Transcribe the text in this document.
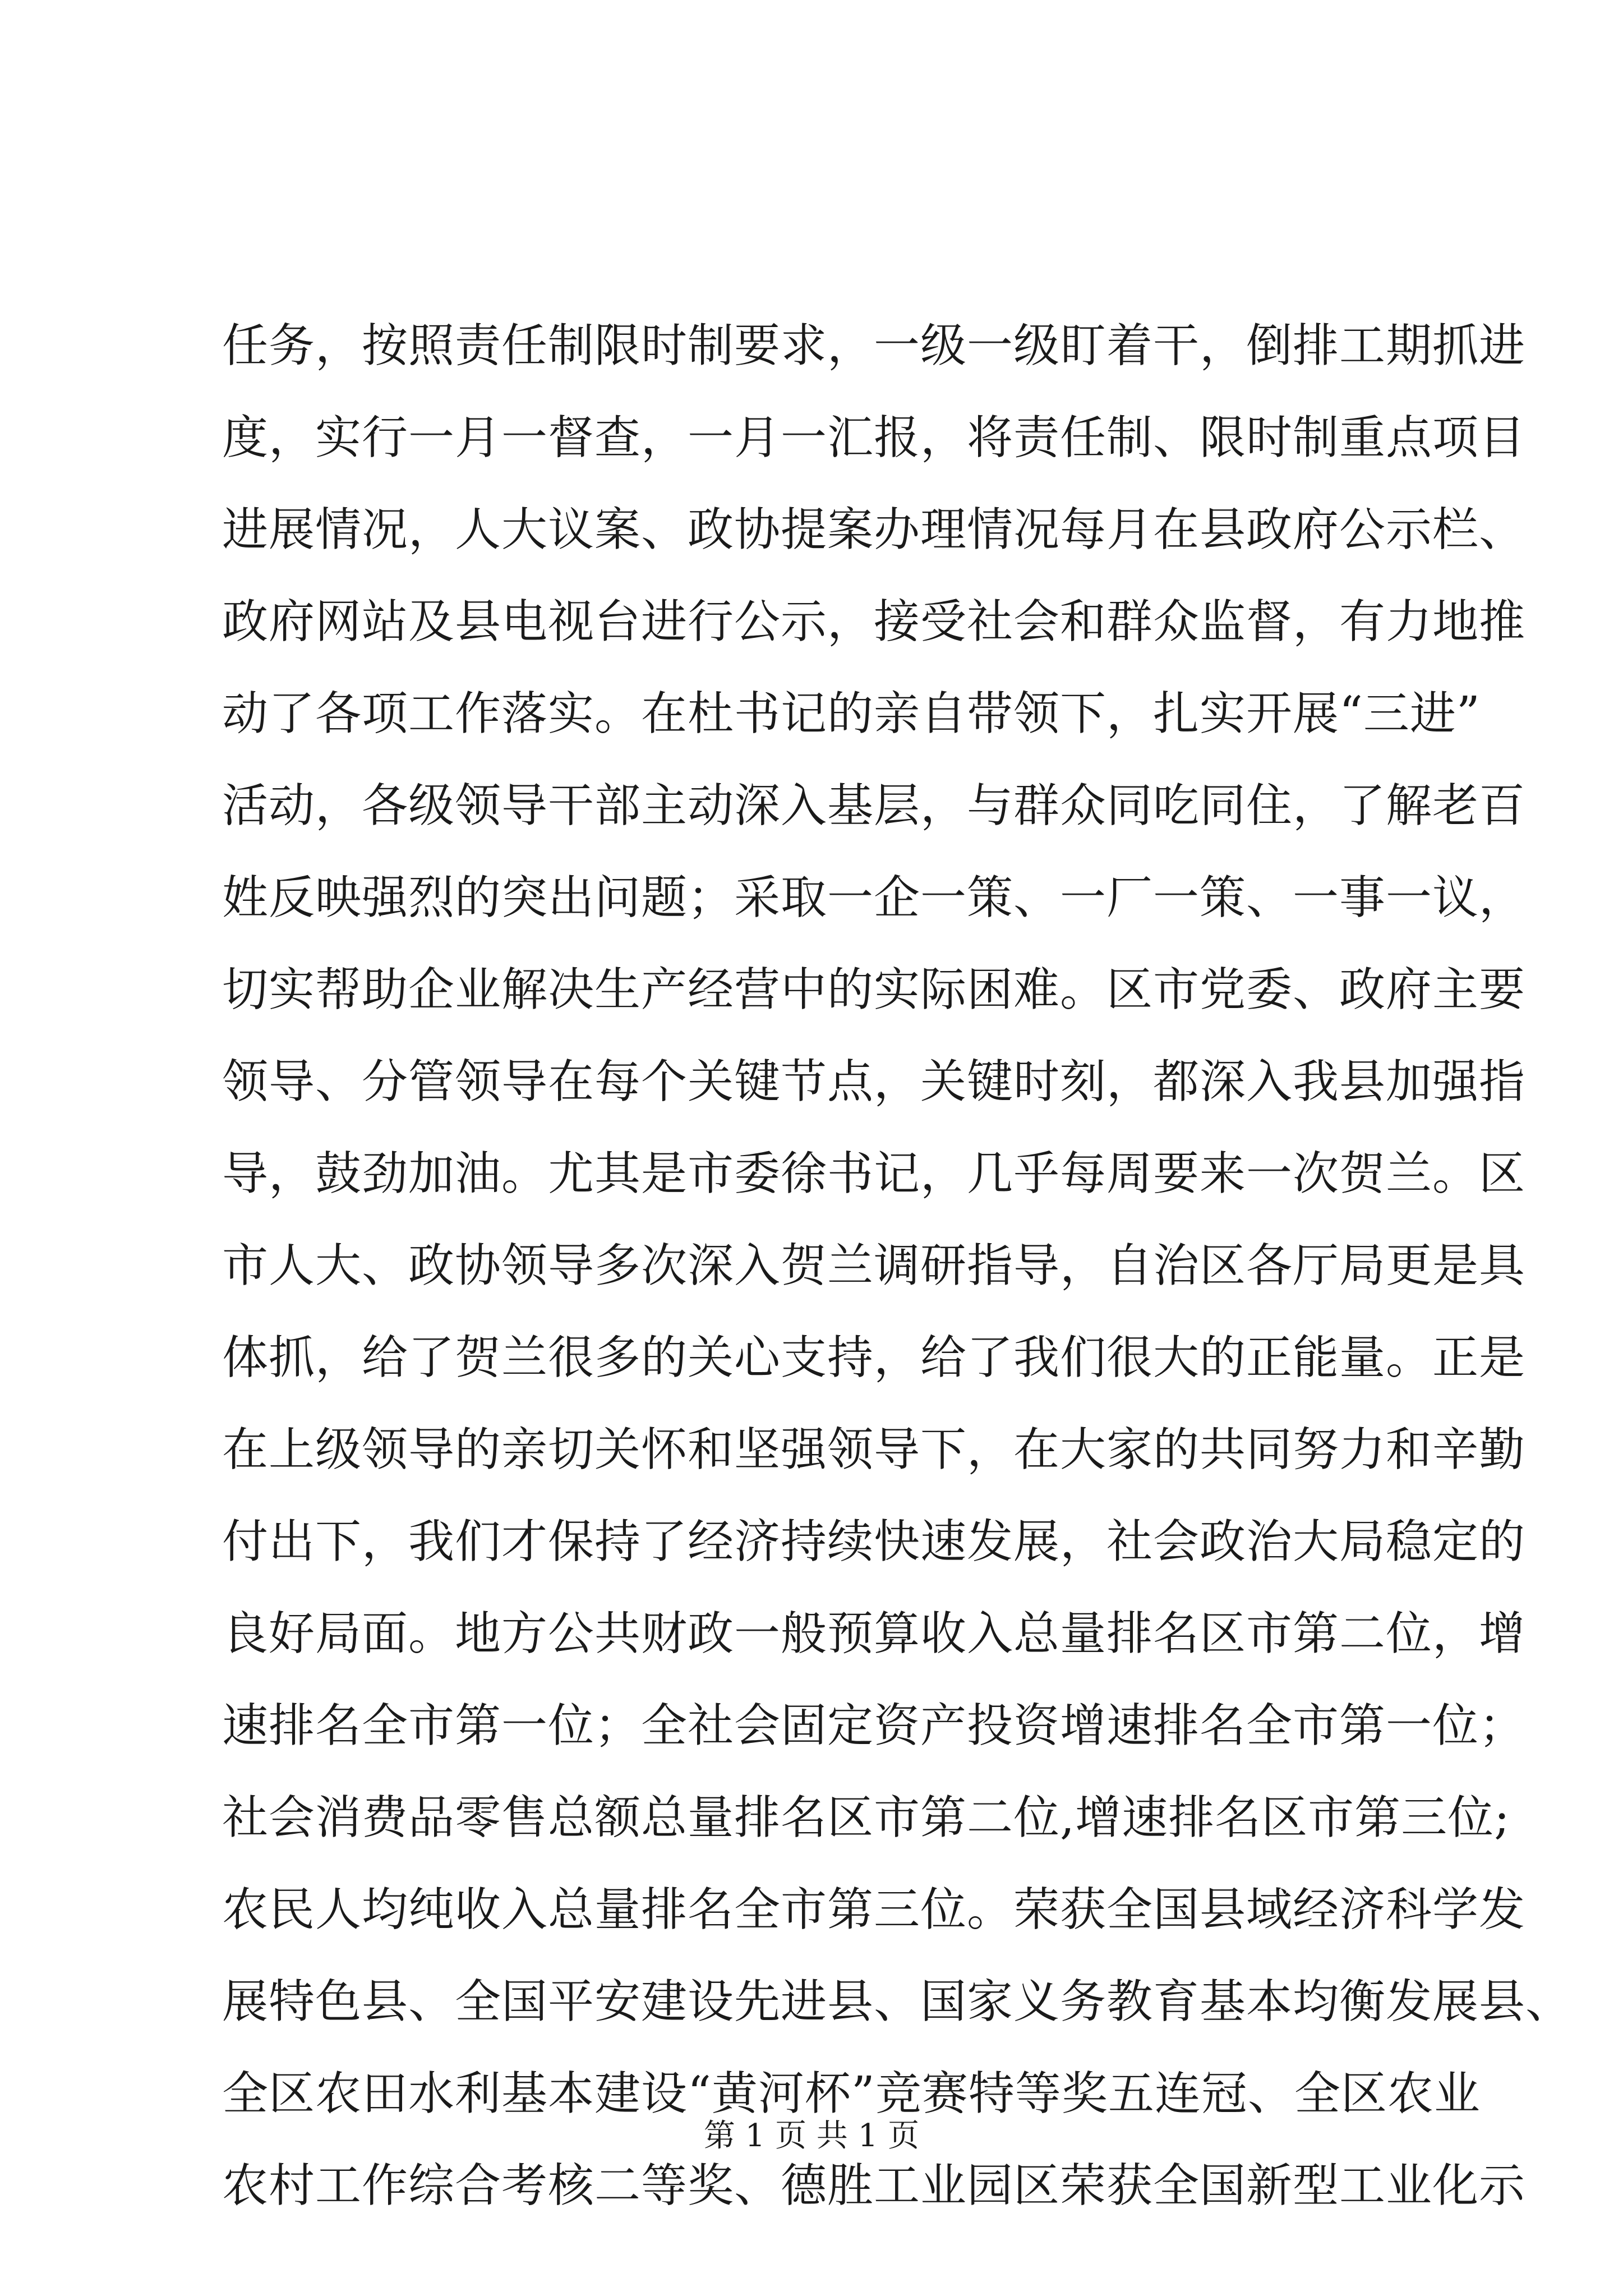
任务，按照责任制限时制要求，一级一级盯着干，倒排工期抓进
度，实行一月一督查，一月一汇报，将责任制、限时制重点项目
进展情况，人大议案、政协提案办理情况每月在县政府公示栏、
政府网站及县电视台进行公示，接受社会和群众监督，有力地推
动了各项工作落实。在杜书记的亲自带领下，扎实开展“三进”
活动，各级领导干部主动深入基层，与群众同吃同住，了解老百
姓反映强烈的突出问题；采取一企一策、一厂一策、一事一议，
切实帮助企业解决生产经营中的实际困难。区市党委、政府主要
领导、分管领导在每个关键节点，关键时刻，都深入我县加强指
导，鼓劲加油。尤其是市委徐书记，几乎每周要来一次贺兰。区
市人大、政协领导多次深入贺兰调研指导，自治区各厅局更是具
体抓，给了贺兰很多的关心支持，给了我们很大的正能量。正是
在上级领导的亲切关怀和坚强领导下，在大家的共同努力和辛勤
付出下，我们才保持了经济持续快速发展，社会政治大局稳定的
良好局面。地方公共财政一般预算收入总量排名区市第二位，增
速排名全市第一位；全社会固定资产投资增速排名全市第一位；
社会消费品零售总额总量排名区市第二位,增速排名区市第三位;
农民人均纯收入总量排名全市第三位。荣获全国县域经济科学发
展特色县、全国平安建设先进县、国家义务教育基本均衡发展县、
全区农田水利基本建设“黄河杯”竞赛特等奖五连冠、全区农业
农村工作综合考核二等奖、德胜工业园区荣获全国新型工业化示
第 1 页 共 1 页
